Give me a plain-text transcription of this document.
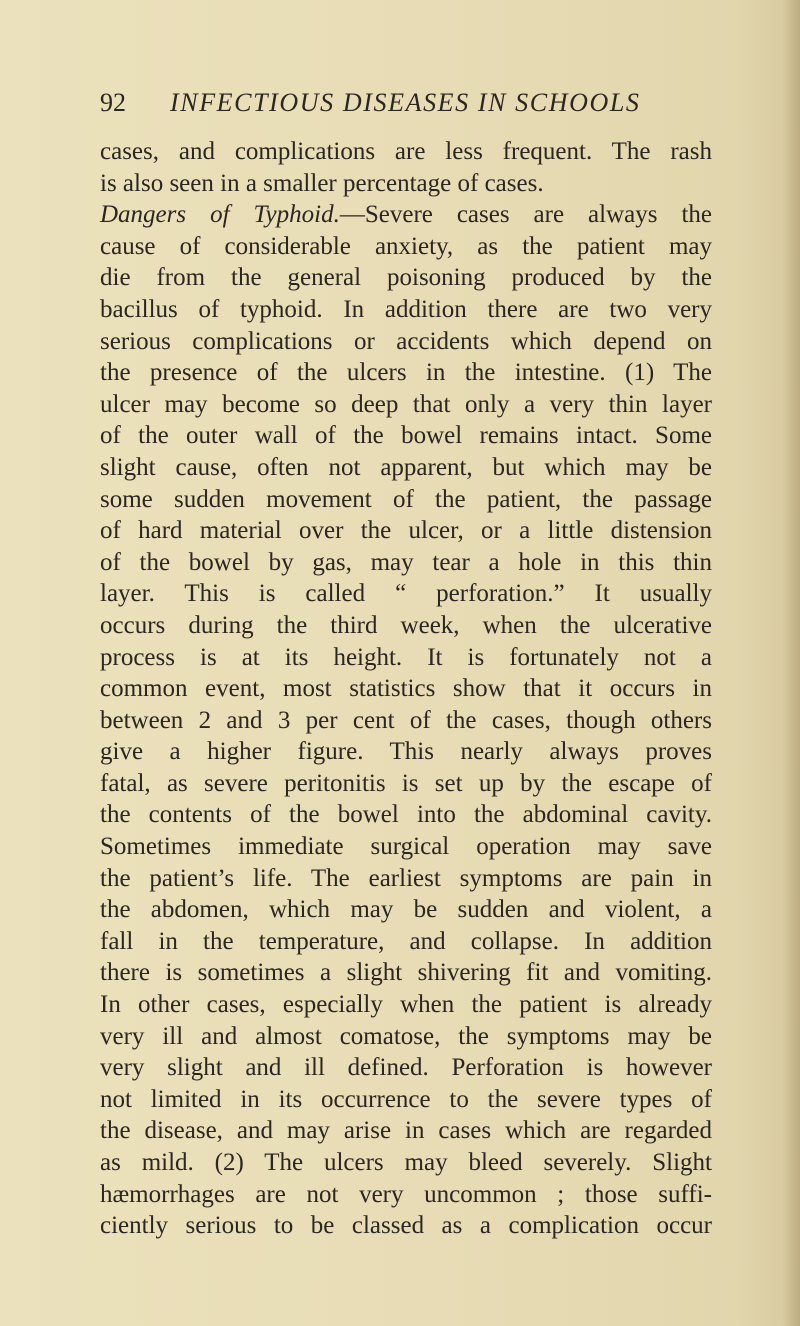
92 INFECTIOUS DISEASES IN SCHOOLS
cases, and complications are less frequent. The rash
is also seen in a smaller percentage of cases.
Dangers of Typhoid.—Severe cases are always the
cause of considerable anxiety, as the patient may
die from the general poisoning produced by the
bacillus of typhoid. In addition there are two very
serious complications or accidents which depend on
the presence of the ulcers in the intestine. (1) The
ulcer may become so deep that only a very thin layer
of the outer wall of the bowel remains intact. Some
slight cause, often not apparent, but which may be
some sudden movement of the patient, the passage
of hard material over the ulcer, or a little distension
of the bowel by gas, may tear a hole in this thin
layer. This is called “ perforation.” It usually
occurs during the third week, when the ulcerative
process is at its height. It is fortunately not a
common event, most statistics show that it occurs in
between 2 and 3 per cent of the cases, though others
give a higher figure. This nearly always proves
fatal, as severe peritonitis is set up by the escape of
the contents of the bowel into the abdominal cavity.
Sometimes immediate surgical operation may save
the patient’s life. The earliest symptoms are pain in
the abdomen, which may be sudden and violent, a
fall in the temperature, and collapse. In addition
there is sometimes a slight shivering fit and vomiting.
In other cases, especially when the patient is already
very ill and almost comatose, the symptoms may be
very slight and ill defined. Perforation is however
not limited in its occurrence to the severe types of
the disease, and may arise in cases which are regarded
as mild. (2) The ulcers may bleed severely. Slight
hæmorrhages are not very uncommon ; those suffi-
ciently serious to be classed as a complication occur
